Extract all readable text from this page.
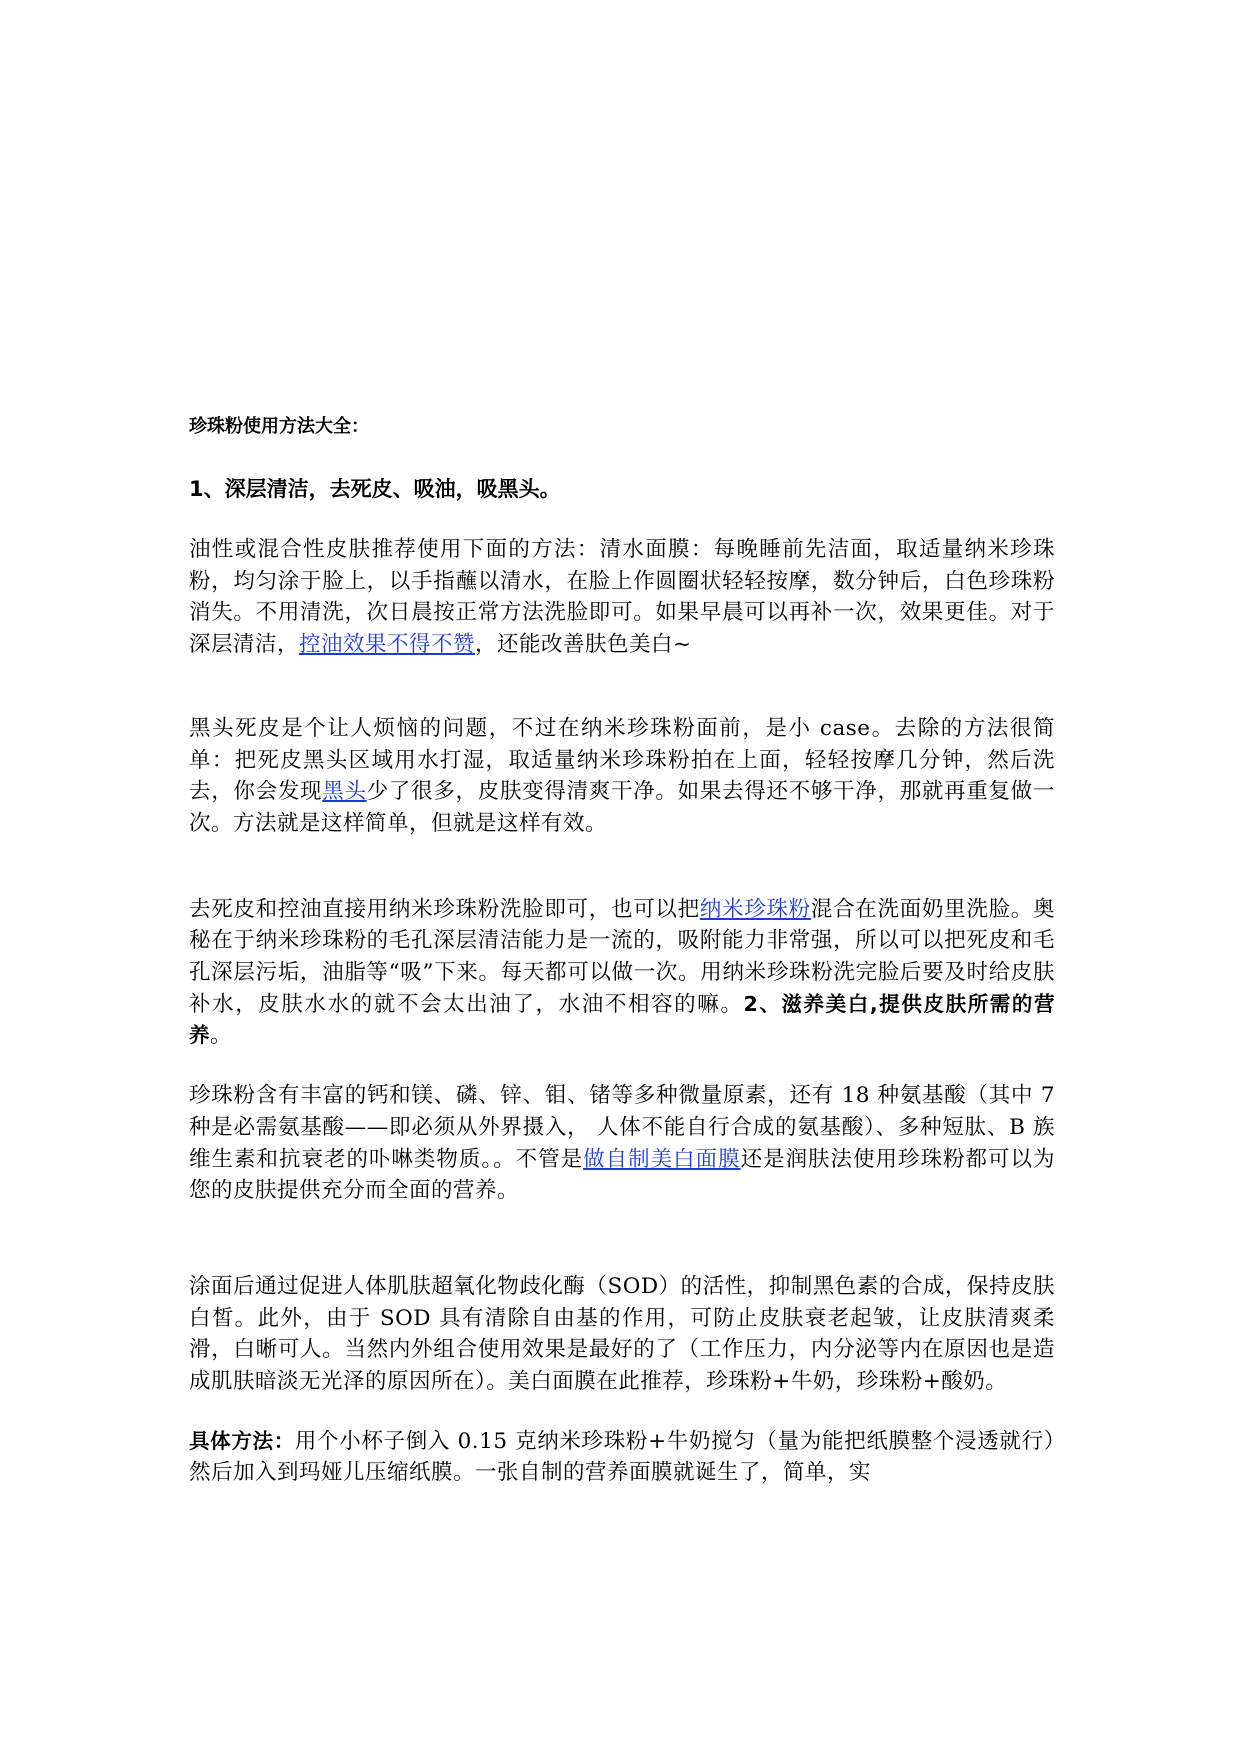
珍珠粉使用方法大全：
1、深层清洁，去死皮、吸油，吸黑头。

油性或混合性皮肤推荐使用下面的方法：清水面膜：每晚睡前先洁面，取适量纳米珍珠粉，均匀涂于脸上，以手指蘸以清水，在脸上作圆圈状轻轻按摩，数分钟后，白色珍珠粉消失。不用清洗，次日晨按正常方法洗脸即可。如果早晨可以再补一次，效果更佳。对于深层清洁，控油效果不得不赞，还能改善肤色美白~

黑头死皮是个让人烦恼的问题，不过在纳米珍珠粉面前，是小 case。去除的方法很简单：把死皮黑头区域用水打湿，取适量纳米珍珠粉拍在上面，轻轻按摩几分钟，然后洗去，你会发现黑头少了很多，皮肤变得清爽干净。如果去得还不够干净，那就再重复做一次。方法就是这样简单，但就是这样有效。

去死皮和控油直接用纳米珍珠粉洗脸即可，也可以把纳米珍珠粉混合在洗面奶里洗脸。奥秘在于纳米珍珠粉的毛孔深层清洁能力是一流的，吸附能力非常强，所以可以把死皮和毛孔深层污垢，油脂等“吸”下来。每天都可以做一次。用纳米珍珠粉洗完脸后要及时给皮肤补水，皮肤水水的就不会太出油了，水油不相容的嘛。2、滋养美白,提供皮肤所需的营养。

珍珠粉含有丰富的钙和镁、磷、锌、钼、锗等多种微量原素，还有 18 种氨基酸（其中 7 种是必需氨基酸——即必须从外界摄入， 人体不能自行合成的氨基酸）、多种短肽、B 族维生素和抗衰老的卟啉类物质。。不管是做自制美白面膜还是润肤法使用珍珠粉都可以为您的皮肤提供充分而全面的营养。

涂面后通过促进人体肌肤超氧化物歧化酶（SOD）的活性，抑制黑色素的合成，保持皮肤白皙。此外，由于 SOD 具有清除自由基的作用，可防止皮肤衰老起皱，让皮肤清爽柔滑，白晰可人。当然内外组合使用效果是最好的了（工作压力，内分泌等内在原因也是造成肌肤暗淡无光泽的原因所在）。美白面膜在此推荐，珍珠粉+牛奶，珍珠粉+酸奶。

具体方法：用个小杯子倒入 0.15 克纳米珍珠粉+牛奶搅匀（量为能把纸膜整个浸透就行）然后加入到玛娅儿压缩纸膜。一张自制的营养面膜就诞生了，简单，实
